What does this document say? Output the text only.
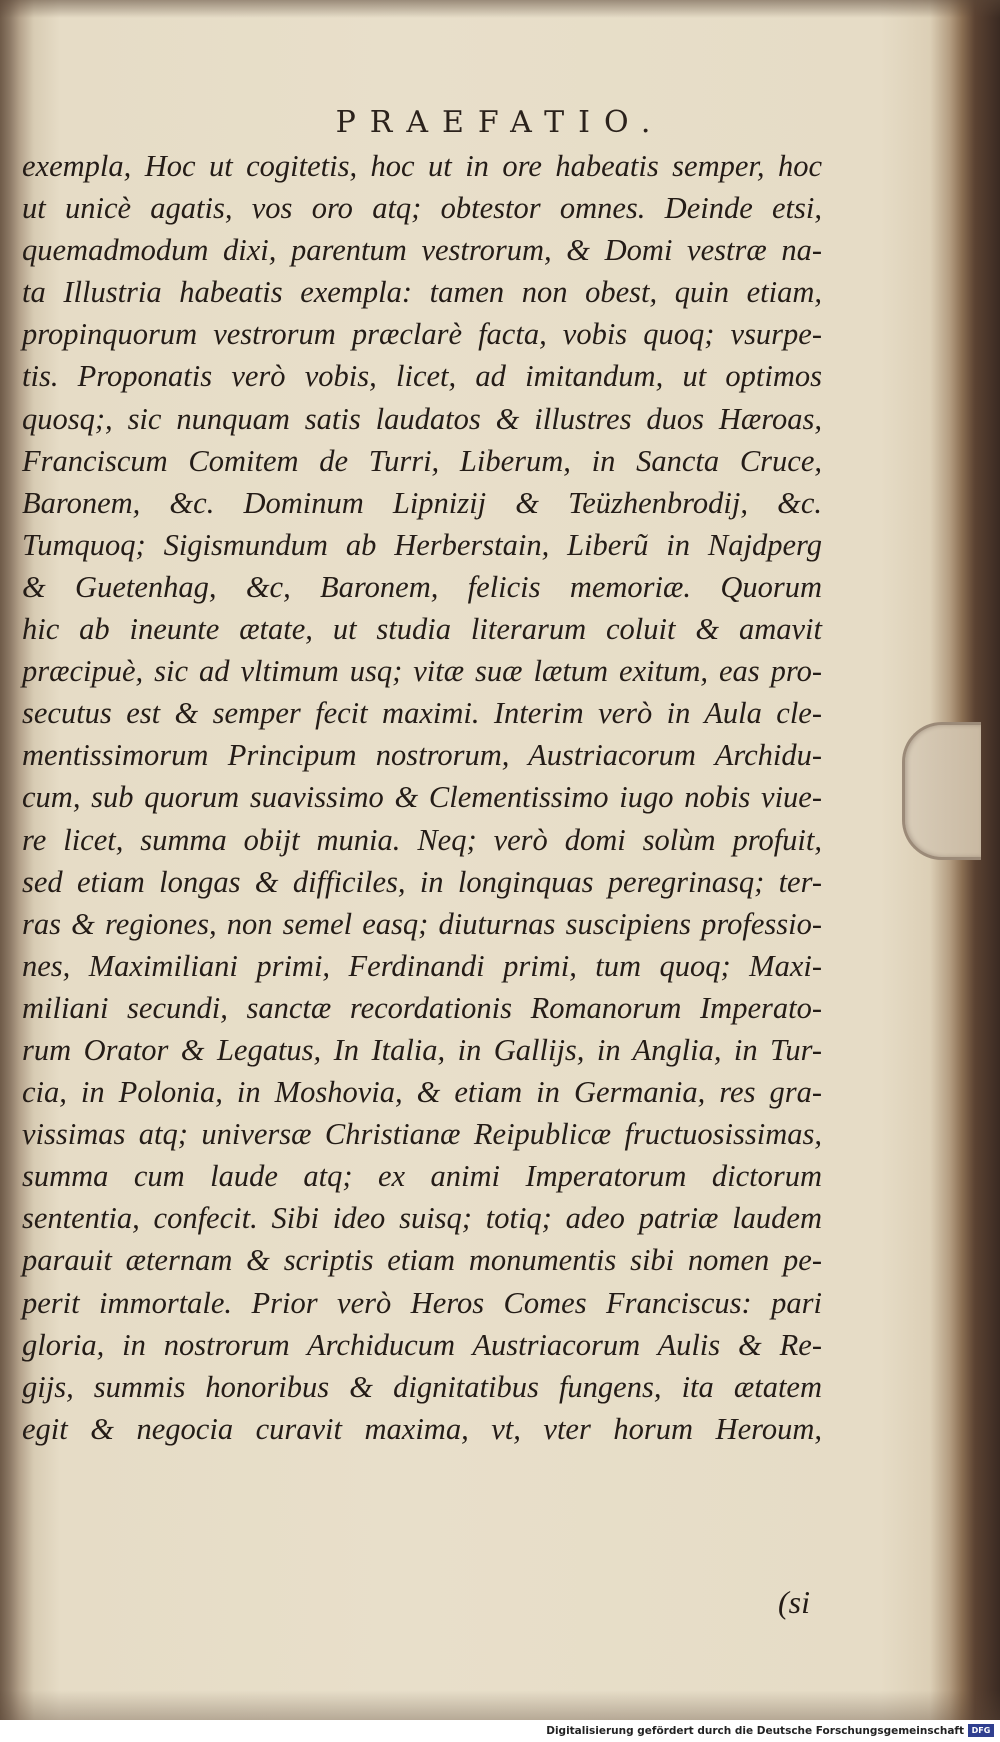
PRAEFATIO.
exempla, Hoc ut cogitetis, hoc ut in ore habeatis semper, hoc
ut unicè agatis, vos oro atq; obtestor omnes. Deinde etsi,
quemadmodum dixi, parentum vestrorum, & Domi vestræ na-
ta Illustria habeatis exempla: tamen non obest, quin etiam,
propinquorum vestrorum præclarè facta, vobis quoq; vsurpe-
tis. Proponatis verò vobis, licet, ad imitandum, ut optimos
quosq;, sic nunquam satis laudatos & illustres duos Hæroas,
Franciscum Comitem de Turri, Liberum, in Sancta Cruce,
Baronem, &c. Dominum Lipnizij & Teüzhenbrodij, &c.
Tumquoq; Sigismundum ab Herberstain, Liberũ in Najdperg
& Guetenhag, &c, Baronem, felicis memoriæ. Quorum
hic ab ineunte ætate, ut studia literarum coluit & amavit
præcipuè, sic ad vltimum usq; vitæ suæ lætum exitum, eas pro-
secutus est & semper fecit maximi. Interim verò in Aula cle-
mentissimorum Principum nostrorum, Austriacorum Archidu-
cum, sub quorum suavissimo & Clementissimo iugo nobis viue-
re licet, summa obijt munia. Neq; verò domi solùm profuit,
sed etiam longas & difficiles, in longinquas peregrinasq; ter-
ras & regiones, non semel easq; diuturnas suscipiens professio-
nes, Maximiliani primi, Ferdinandi primi, tum quoq; Maxi-
miliani secundi, sanctæ recordationis Romanorum Imperato-
rum Orator & Legatus, In Italia, in Gallijs, in Anglia, in Tur-
cia, in Polonia, in Moshovia, & etiam in Germania, res gra-
vissimas atq; universæ Christianæ Reipublicæ fructuosissimas,
summa cum laude atq; ex animi Imperatorum dictorum
sententia, confecit. Sibi ideo suisq; totiq; adeo patriæ laudem
parauit æternam & scriptis etiam monumentis sibi nomen pe-
perit immortale. Prior verò Heros Comes Franciscus: pari
gloria, in nostrorum Archiducum Austriacorum Aulis & Re-
gijs, summis honoribus & dignitatibus fungens, ita ætatem
egit & negocia curavit maxima, vt, vter horum Heroum,
(si
Digitalisierung gefördert durch die Deutsche Forschungsgemeinschaft DFG
